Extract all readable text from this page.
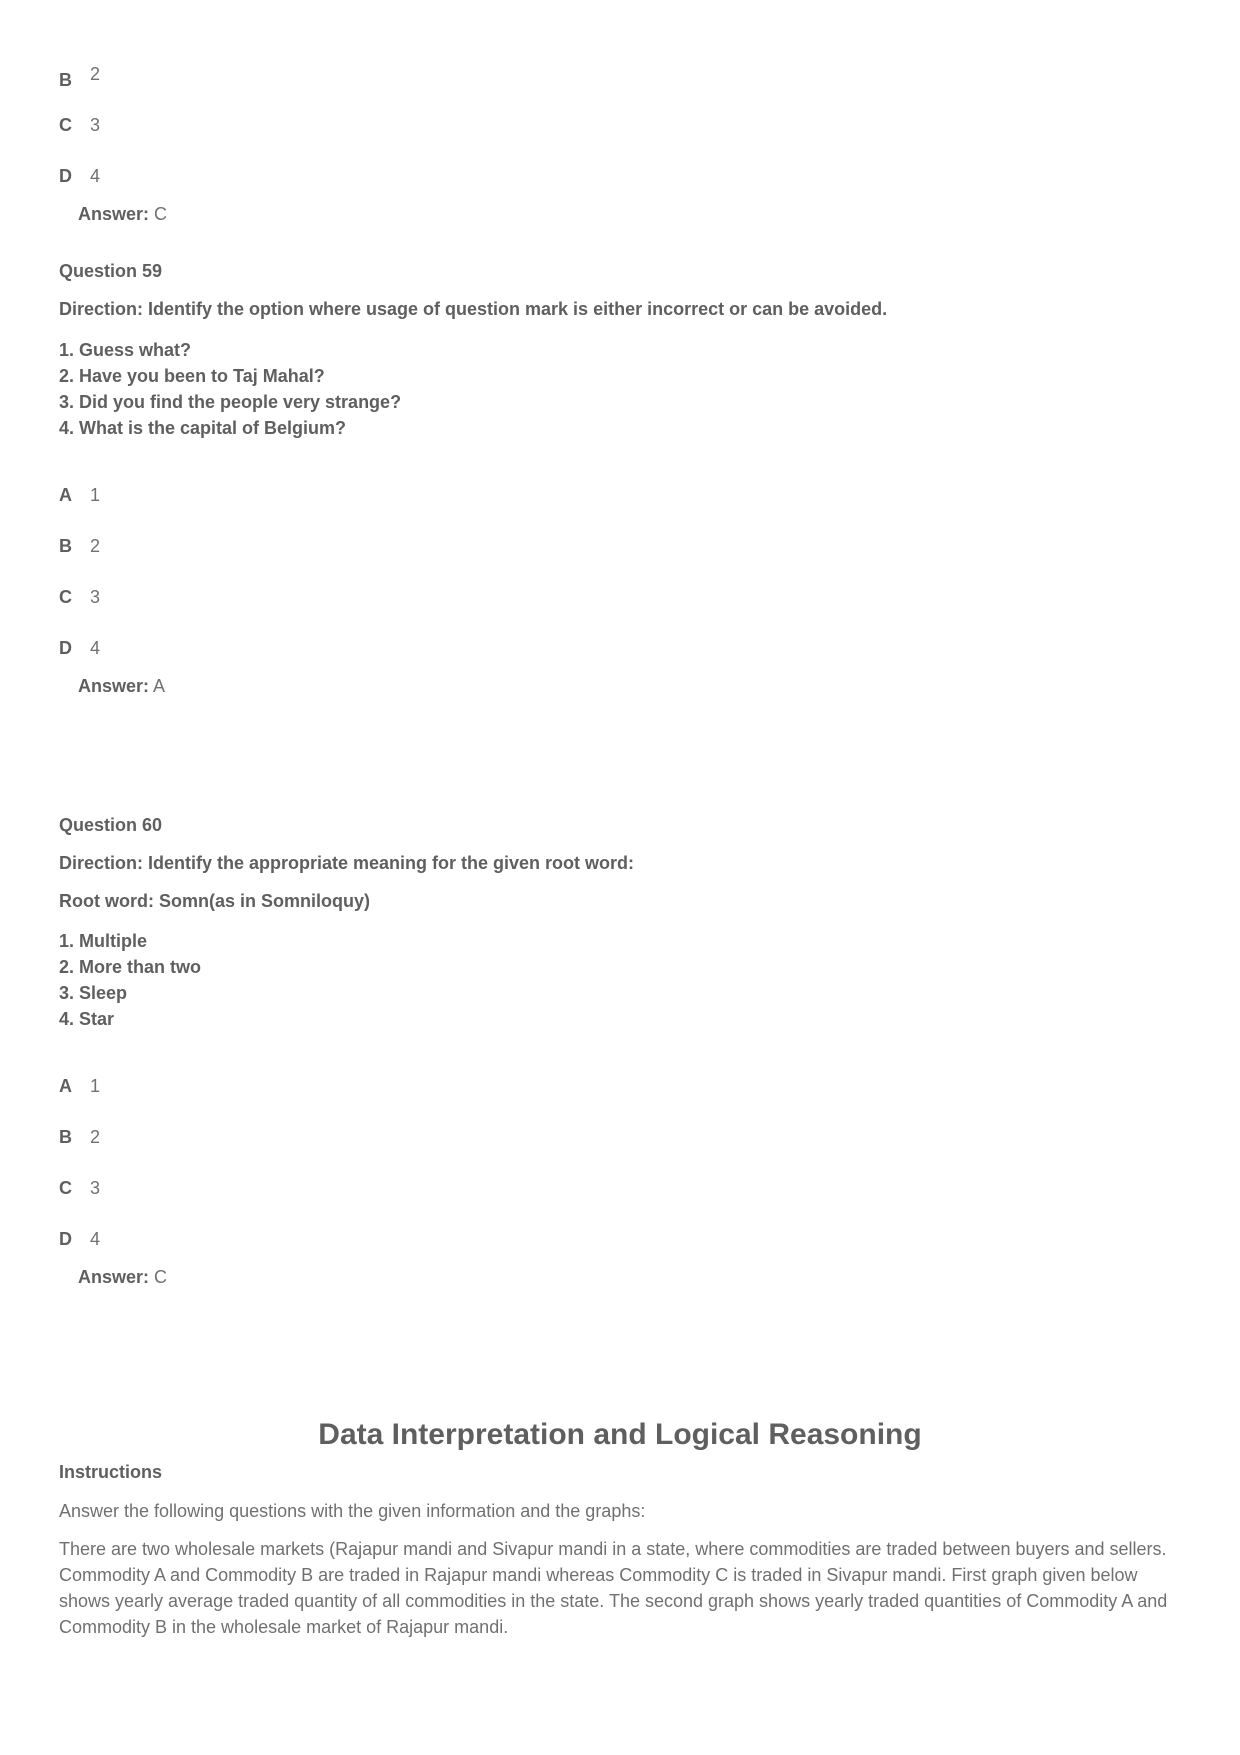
B 2
C 3
D 4
Answer: C
Question 59
Direction: Identify the option where usage of question mark is either incorrect or can be avoided.
1. Guess what?
2. Have you been to Taj Mahal?
3. Did you find the people very strange?
4. What is the capital of Belgium?
A 1
B 2
C 3
D 4
Answer: A
Question 60
Direction: Identify the appropriate meaning for the given root word:
Root word: Somn(as in Somniloquy)
1. Multiple
2. More than two
3. Sleep
4. Star
A 1
B 2
C 3
D 4
Answer: C
Data Interpretation and Logical Reasoning
Instructions

Answer the following questions with the given information and the graphs:

There are two wholesale markets (Rajapur mandi and Sivapur mandi in a state, where commodities are traded between buyers and sellers. Commodity A and Commodity B are traded in Rajapur mandi whereas Commodity C is traded in Sivapur mandi. First graph given below shows yearly average traded quantity of all commodities in the state. The second graph shows yearly traded quantities of Commodity A and Commodity B in the wholesale market of Rajapur mandi.
